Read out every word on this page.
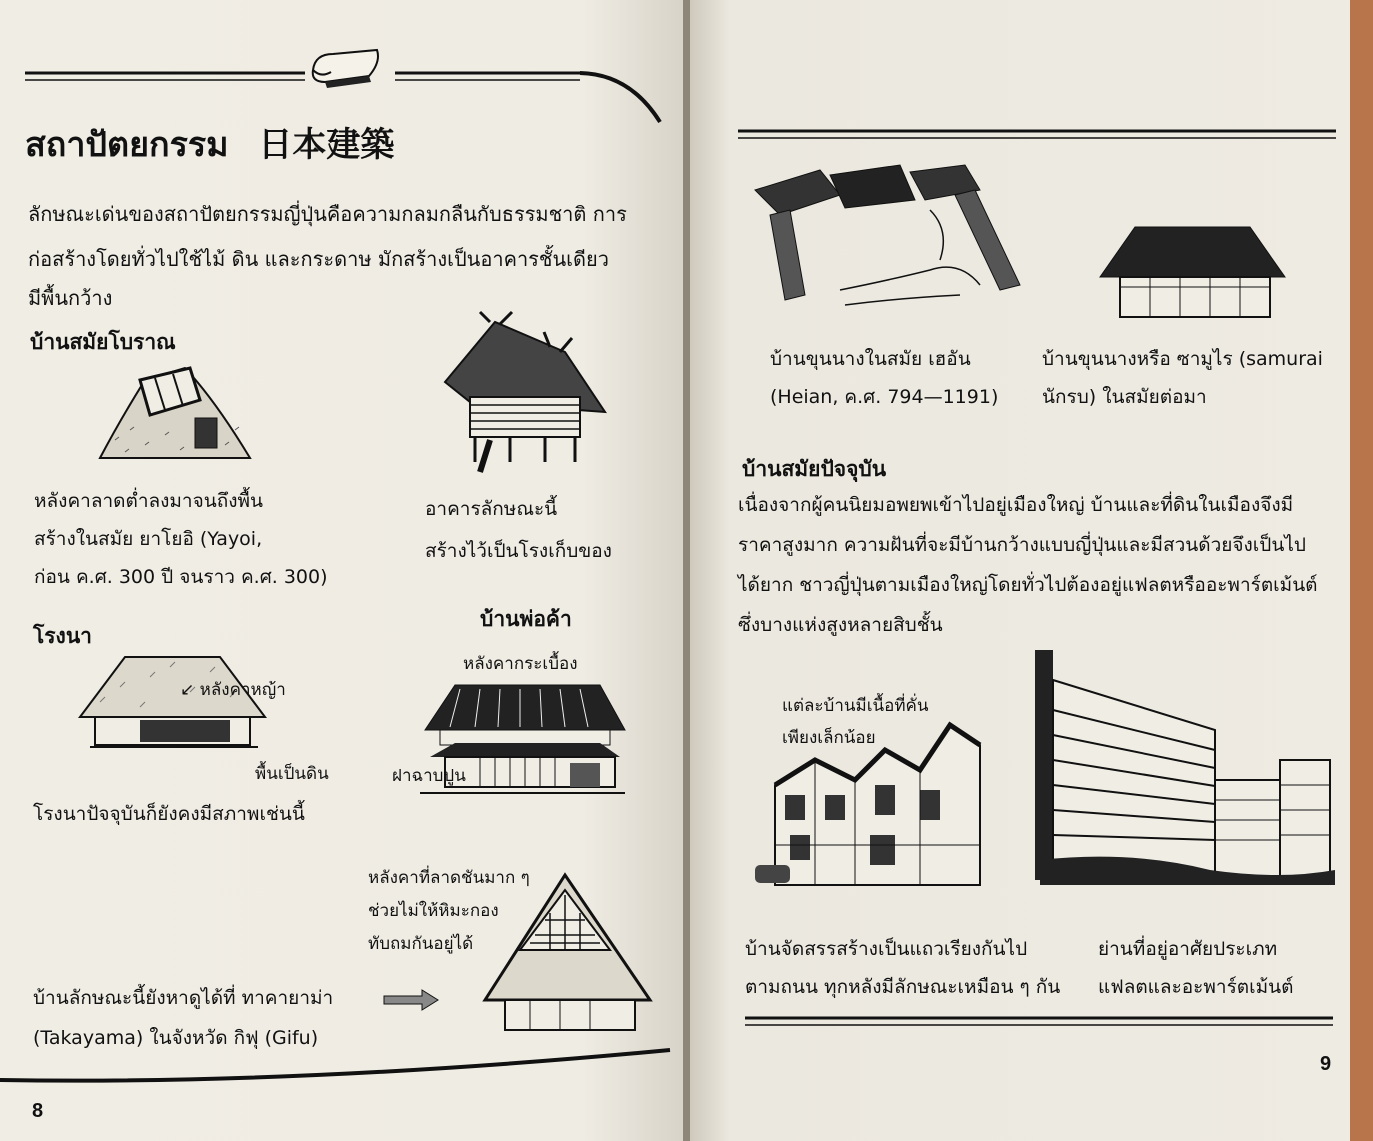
สถาปัตยกรรม 日本建築
ลักษณะเด่นของสถาปัตยกรรมญี่ปุ่นคือความกลมกลืนกับธรรมชาติ การ
ก่อสร้างโดยทั่วไปใช้ไม้ ดิน และกระดาษ มักสร้างเป็นอาคารชั้นเดียว
มีพื้นกว้าง
บ้านสมัยโบราณ
หลังคาลาดต่ำลงมาจนถึงพื้น
สร้างในสมัย ยาโยอิ (Yayoi,
ก่อน ค.ศ. 300 ปี จนราว ค.ศ. 300)
อาคารลักษณะนี้
สร้างไว้เป็นโรงเก็บของ
โรงนา
บ้านพ่อค้า
↙ หลังคาหญ้า
พื้นเป็นดิน
โรงนาปัจจุบันก็ยังคงมีสภาพเช่นนี้
หลังคากระเบื้อง
ฝาฉาบปูน
หลังคาที่ลาดชันมาก ๆ
ช่วยไม่ให้หิมะกอง
ทับถมกันอยู่ได้
บ้านลักษณะนี้ยังหาดูได้ที่ ทาคายาม่า
(Takayama) ในจังหวัด กิฟุ (Gifu)
8
บ้านขุนนางในสมัย เฮอัน
(Heian, ค.ศ. 794—1191)
บ้านขุนนางหรือ ซามูไร (samurai
นักรบ) ในสมัยต่อมา
บ้านสมัยปัจจุบัน
เนื่องจากผู้คนนิยมอพยพเข้าไปอยู่เมืองใหญ่ บ้านและที่ดินในเมืองจึงมี
ราคาสูงมาก ความฝันที่จะมีบ้านกว้างแบบญี่ปุ่นและมีสวนด้วยจึงเป็นไป
ได้ยาก ชาวญี่ปุ่นตามเมืองใหญ่โดยทั่วไปต้องอยู่แฟลตหรืออะพาร์ตเม้นต์
ซึ่งบางแห่งสูงหลายสิบชั้น
แต่ละบ้านมีเนื้อที่คั่น
เพียงเล็กน้อย
บ้านจัดสรรสร้างเป็นแถวเรียงกันไป
ตามถนน ทุกหลังมีลักษณะเหมือน ๆ กัน
ย่านที่อยู่อาศัยประเภท
แฟลตและอะพาร์ตเม้นต์
9
